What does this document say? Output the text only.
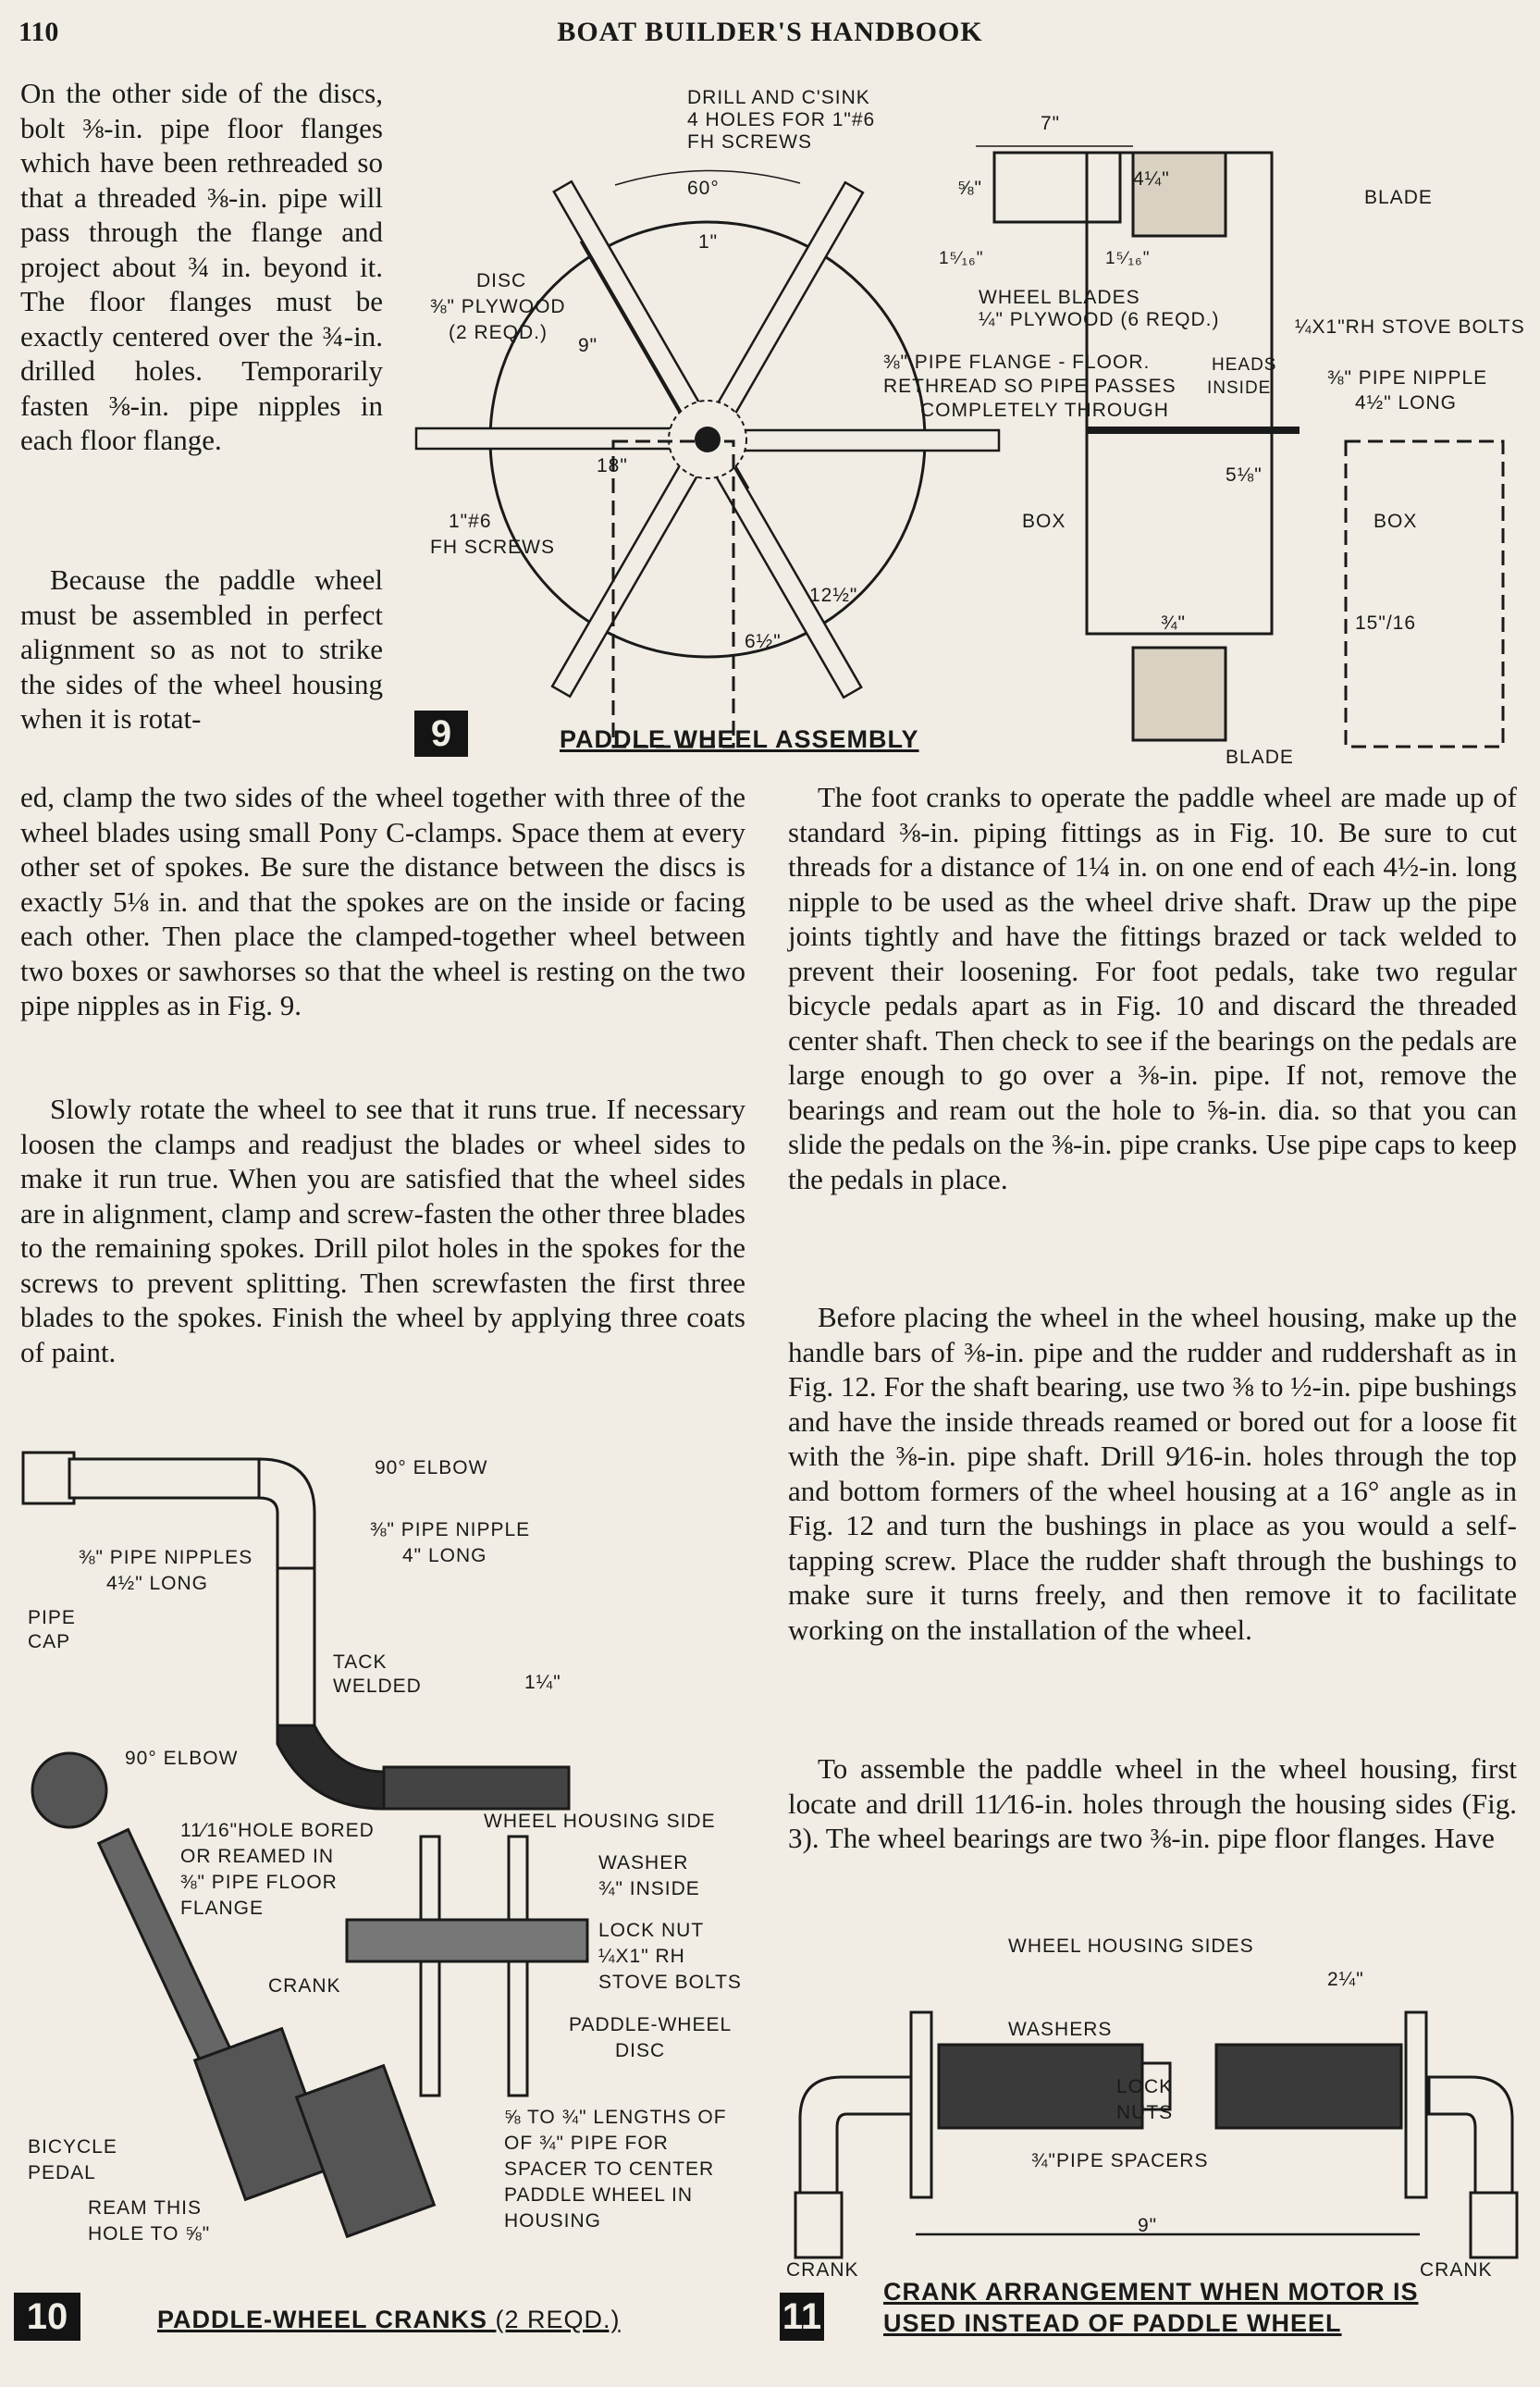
110	BOAT BUILDER'S HANDBOOK

On the other side of the discs, bolt ⅜-in. pipe floor flanges which have been rethreaded so that a threaded ⅜-in. pipe will pass through the flange and project about ¾ in. beyond it. The floor flanges must be exactly centered over the ¾-in. drilled holes. Temporarily fasten ⅜-in. pipe nipples in each floor flange.

Because the paddle wheel must be assembled in perfect alignment so as not to strike the sides of the wheel housing when it is rotat-

ed, clamp the two sides of the wheel together with three of the wheel blades using small Pony C-clamps. Space them at every other set of spokes. Be sure the distance between the discs is exactly 5⅛ in. and that the spokes are on the inside or facing each other. Then place the clamped-together wheel between two boxes or sawhorses so that the wheel is resting on the two pipe nipples as in Fig. 9.

Slowly rotate the wheel to see that it runs true. If necessary loosen the clamps and readjust the blades or wheel sides to make it run true. When you are satisfied that the wheel sides are in alignment, clamp and screw-fasten the other three blades to the remaining spokes. Drill pilot holes in the spokes for the screws to prevent splitting. Then screwfasten the first three blades to the spokes. Finish the wheel by applying three coats of paint.

The foot cranks to operate the paddle wheel are made up of standard ⅜-in. piping fittings as in Fig. 10. Be sure to cut threads for a distance of 1¼ in. on one end of each 4½-in. long nipple to be used as the wheel drive shaft. Draw up the pipe joints tightly and have the fittings brazed or tack welded to prevent their loosening. For foot pedals, take two regular bicycle pedals apart as in Fig. 10 and discard the threaded center shaft. Then check to see if the bearings on the pedals are large enough to go over a ⅜-in. pipe. If not, remove the bearings and ream out the hole to ⅝-in. dia. so that you can slide the pedals on the ⅜-in. pipe cranks. Use pipe caps to keep the pedals in place.

Before placing the wheel in the wheel housing, make up the handle bars of ⅜-in. pipe and the rudder and ruddershaft as in Fig. 12. For the shaft bearing, use two ⅜ to ½-in. pipe bushings and have the inside threads reamed or bored out for a loose fit with the ⅜-in. pipe shaft. Drill 9⁄16-in. holes through the top and bottom formers of the wheel housing at a 16° angle as in Fig. 12 and turn the bushings in place as you would a self-tapping screw. Place the rudder shaft through the bushings to make sure it turns freely, and then remove it to facilitate working on the installation of the wheel.

To assemble the paddle wheel in the wheel housing, first locate and drill 11⁄16-in. holes through the housing sides (Fig. 3). The wheel bearings are two ⅜-in. pipe floor flanges. Have

DRILL AND C'SINK
4 HOLES FOR 1"#6
FH SCREWS
60°
DISC
⅜" PLYWOOD
(2 REQD.)
1"
9"
18"
1"#6
FH SCREWS
12½"
6½"
7"
⅝"	4¼"
1⁵⁄₁₆"	1⁵⁄₁₆"
WHEEL BLADES
¼" PLYWOOD (6 REQD.)
⅜" PIPE FLANGE - FLOOR.
RETHREAD SO PIPE PASSES
COMPLETELY THROUGH
BLADE
¼X1"RH STOVE BOLTS
HEADS
INSIDE	⅜" PIPE NIPPLE
4½" LONG
BOX	BOX
5⅛"
¾"	15"/16
BLADE
9	PADDLE WHEEL ASSEMBLY
90° ELBOW
⅜" PIPE NIPPLE
4" LONG
⅜" PIPE NIPPLES
4½" LONG
PIPE
CAP
TACK
WELDED	1¼"
90° ELBOW
11⁄16"HOLE BORED
OR REAMED IN
⅜" PIPE FLOOR
FLANGE
WHEEL HOUSING SIDE
WASHER
¾" INSIDE
LOCK NUT
¼X1" RH
STOVE BOLTS
CRANK
PADDLE-WHEEL
DISC
⅝ TO ¾" LENGTHS OF
OF ¾" PIPE FOR
SPACER TO CENTER
PADDLE WHEEL IN
HOUSING
BICYCLE
PEDAL
REAM THIS
HOLE TO ⅝"
10	PADDLE-WHEEL CRANKS (2 REQD.)
WHEEL HOUSING SIDES
2¼"
WASHERS
LOCK
NUTS
¾"PIPE SPACERS
9"
CRANK	CRANK
11
CRANK ARRANGEMENT WHEN MOTOR IS
USED INSTEAD OF PADDLE WHEEL
